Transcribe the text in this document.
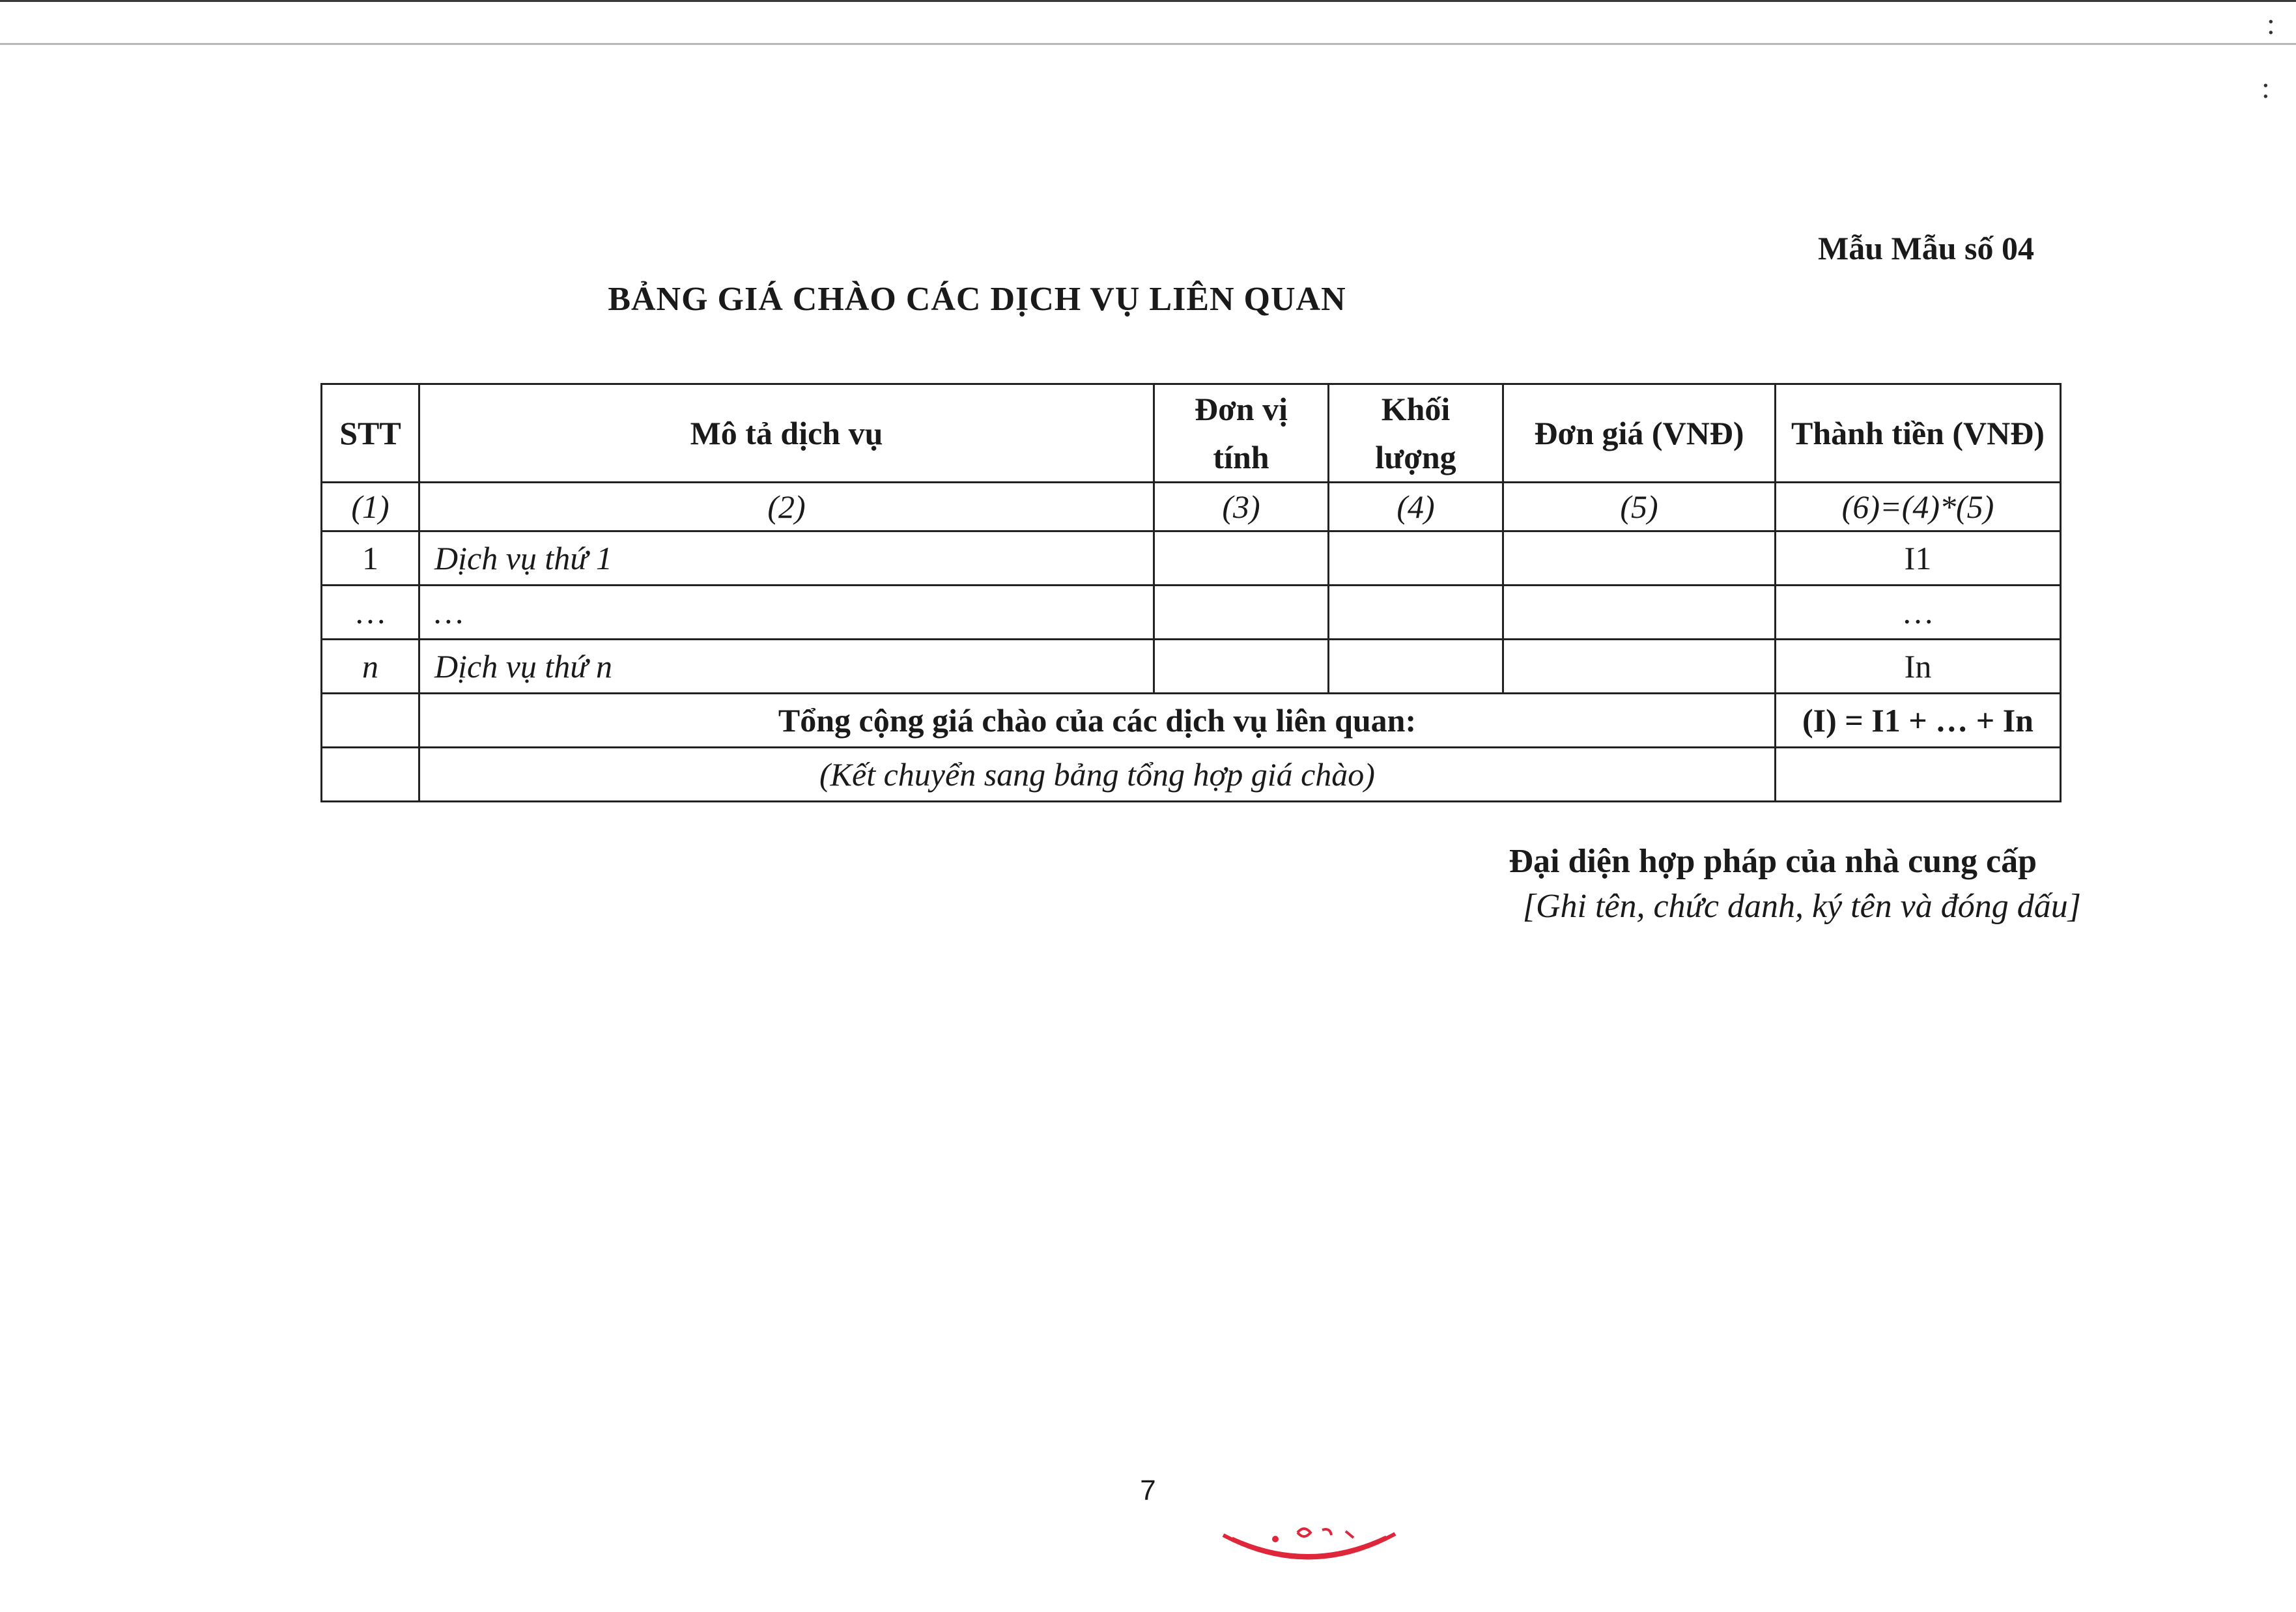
:
:
Mẫu Mẫu số 04
BẢNG GIÁ CHÀO CÁC DỊCH VỤ LIÊN QUAN
STT	Mô tả dịch vụ	Đơn vị tính	Khối lượng	Đơn giá (VNĐ)	Thành tiền (VNĐ)
(1)	(2)	(3)	(4)	(5)	(6)=(4)*(5)
1	Dịch vụ thứ 1				I1
…	…				…
n	Dịch vụ thứ n				In
	Tổng cộng giá chào của các dịch vụ liên quan:				(I) = I1 + … + In
	(Kết chuyển sang bảng tổng hợp giá chào)				
Đại diện hợp pháp của nhà cung cấp
[Ghi tên, chức danh, ký tên và đóng dấu]
7
